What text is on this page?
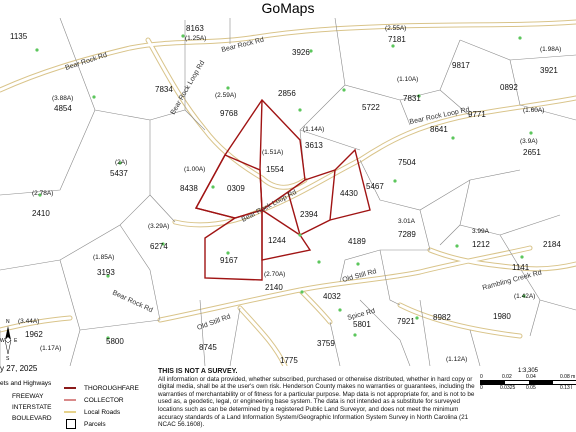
GoMaps
Bear Rock Rd
Bear Rock Rd
Bear Rock Loop Rd
Bear Rock Loop Rd
Bear Rock Loop Rd
Bear Rock Rd
Old Still Rd
Old Still Rd	Spice Rd
Rambling Creek Rd
1135
8163
3926
7181
4854
7834
9768
2856
5722
7831
9817
3921
0892
9771
8641
3613
2651
5437
8438	0309
1554
7504
4430
5467
2410
6274
2394
1244	4189
7289
1212	2184
9167
3193
2140
1141
4032
5801	7921 8982	1980
1962
5800
8745	3759
1775
(1.25A)
(2.55A)
(1.98A)
(3.88A)	(2.59A)
(1.10A)
(1.14A)
(3.9A)
(1.51A)
(1.00A)
(2A)
(2.78A)
(3.29A)
3.01A
3.99A
(1.85A)
(2.70A)
(1.42A)
(3.44A)
(1.17A)
(1.12A)
(1.60A)
N
S
E
W
y 27, 2025
ets and Highways
FREEWAY
INTERSTATE
BOULEVARD
THOROUGHFARE
COLLECTOR
Local Roads
Parcels
THIS IS NOT A SURVEY.
All information or data provided, whether subscribed, purchased or otherwise distributed, whether in hard copy or digital media, shall be at the user's own risk. Henderson County makes no warranties or guarantees, including the warranties of merchantability or of fitness for a particular purpose. Map data is not appropriate for, and is not to be used as, a geodetic, legal, or engineering base system. The data is not intended as a substitute for surveyed locations such as can be determined by a registered Public Land Surveyor, and does not meet the minimum accuracy standards of a Land Information System/Geographic Information System Survey in North Carolina (21 NCAC 56.1608).
1:3,305
0	0.02	0.04	0.08 m
0	0.0325 0.05	0.13 l
